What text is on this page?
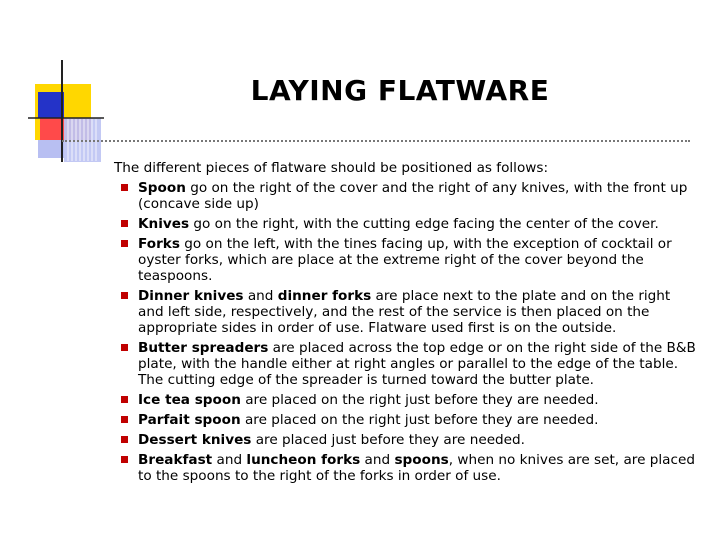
LAYING FLATWARE

The different pieces of flatware should be positioned as follows:

Spoon go on the right of the cover and the right of any knives, with the front up (concave side up)
Knives go on the right, with the cutting edge facing the center of the cover.
Forks go on the left, with the tines facing up, with the exception of cocktail or oyster forks, which are place at the extreme right of the cover beyond the teaspoons.
Dinner knives and dinner forks are place next to the plate and on the right and left side, respectively, and the rest of the service is then placed on the appropriate sides in order of use. Flatware used first is on the outside.
Butter spreaders are placed across the top edge or on the right side of the B&B plate, with the handle either at right angles or parallel to the edge of the table. The cutting edge of the spreader is turned toward the butter plate.
Ice tea spoon are placed on the right just before they are needed.
Parfait spoon are placed on the right just before they are needed.
Dessert knives are placed just before they are needed.
Breakfast and luncheon forks and spoons, when no knives are set, are placed to the spoons to the right of the forks in order of use.
